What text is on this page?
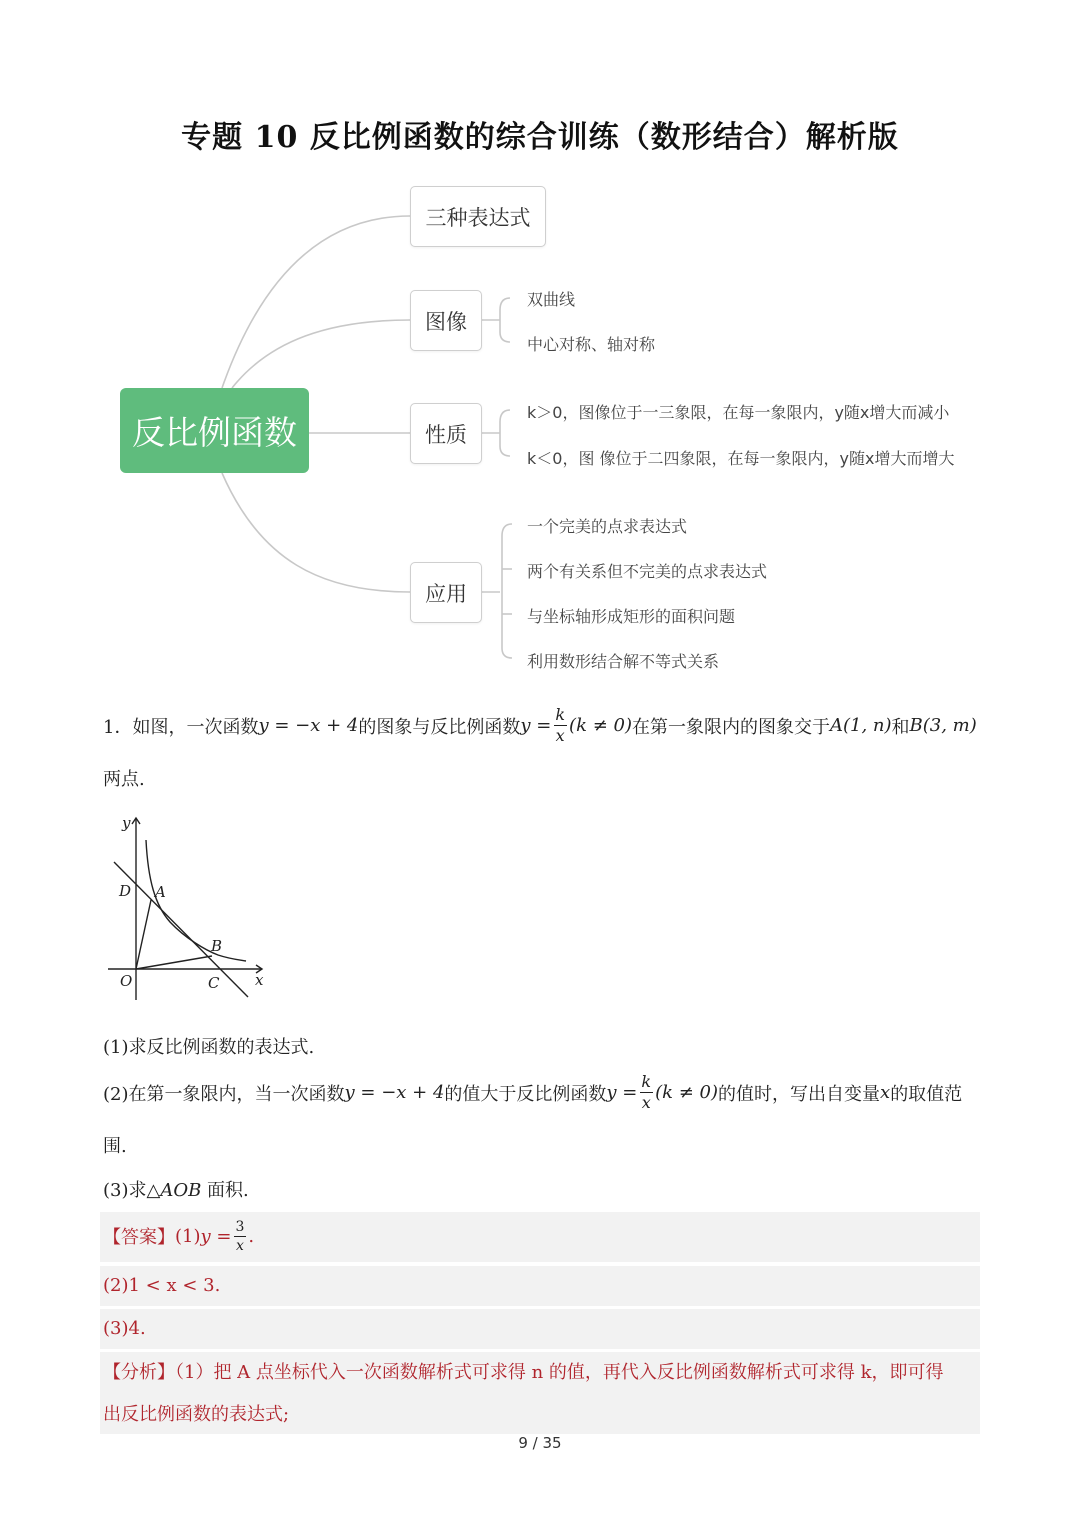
专题 10 反比例函数的综合训练（数形结合）解析版
反比例函数
三种表达式
图像
性质
应用
双曲线
中心对称、轴对称
k＞0，图像位于一三象限，在每一象限内，y随x增大而减小
k＜0，图 像位于二四象限，在每一象限内，y随x增大而增大
一个完美的点求表达式
两个有关系但不完美的点求表达式
与坐标轴形成矩形的面积问题
利用数形结合解不等式关系
1． 如图，一次函数 y = −x + 4 的图象与反比例函数 $y = \frac{k}{x} (k \ne 0)$ 在第一象限内的图象交于 A(1, n) 和 B(3, m)
两点.
y
x
O
D A
B
C
(1)求反比例函数的表达式.
(2)在第一象限内，当一次函数 y = −x + 4 的值大于反比例函数 $y = \frac{k}{x} (k \ne 0)$ 的值时，写出自变量 x 的取值范
围.
(3)求△AOB 面积.
【答案】 (1) $y = \frac{3}{x}$ .
(2)1 < x < 3.
(3)4.
【分析】（1）把 A 点坐标代入一次函数解析式可求得 n 的值，再代入反比例函数解析式可求得 k，即可得
出反比例函数的表达式;
9 / 35
